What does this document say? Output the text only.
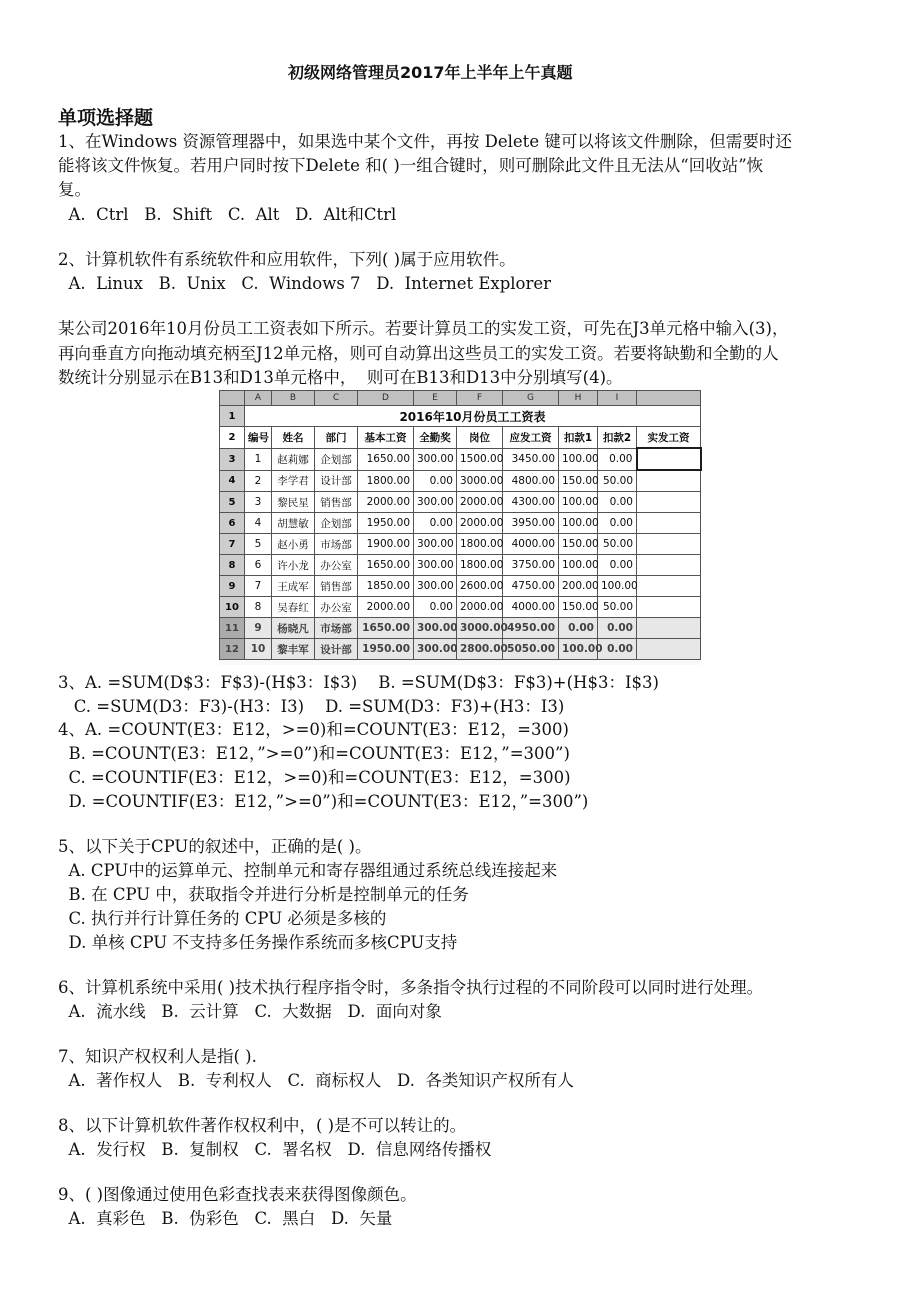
初级网络管理员2017年上半年上午真题
单项选择题
1、在Windows 资源管理器中，如果选中某个文件，再按 Delete 键可以将该文件删除，但需要时还
能将该文件恢复。若用户同时按下Delete 和( )一组合键时，则可删除此文件且无法从“回收站”恢
复。
A.  Ctrl   B.  Shift   C.  Alt   D.  Alt和Ctrl
2、计算机软件有系统软件和应用软件，下列( )属于应用软件。
A.  Linux   B.  Unix   C.  Windows 7   D.  Internet Explorer
某公司2016年10月份员工工资表如下所示。若要计算员工的实发工资，可先在J3单元格中输入(3)，
再向垂直方向拖动填充柄至J12单元格，则可自动算出这些员工的实发工资。若要将缺勤和全勤的人
数统计分别显示在B13和D13单元格中，  则可在B13和D13中分别填写(4)。
	A	B	C	D	E	F	G	H	I	
1	2016年10月份员工工资表									
2	编号	姓名	部门	基本工资	全勤奖	岗位	应发工资	扣款1	扣款2	实发工资
3	1	赵莉娜	企划部	1650.00	300.00	1500.00	3450.00	100.00	0.00	
4	2	李学君	设计部	1800.00	0.00	3000.00	4800.00	150.00	50.00	
5	3	黎民星	销售部	2000.00	300.00	2000.00	4300.00	100.00	0.00	
6	4	胡慧敏	企划部	1950.00	0.00	2000.00	3950.00	100.00	0.00	
7	5	赵小勇	市场部	1900.00	300.00	1800.00	4000.00	150.00	50.00	
8	6	许小龙	办公室	1650.00	300.00	1800.00	3750.00	100.00	0.00	
9	7	王成军	销售部	1850.00	300.00	2600.00	4750.00	200.00	100.00	
10	8	吴春红	办公室	2000.00	0.00	2000.00	4000.00	150.00	50.00	
11	9	杨晓凡	市场部	1650.00	300.00	3000.00	4950.00	0.00	0.00	
12	10	黎丰军	设计部	1950.00	300.00	2800.00	5050.00	100.00	0.00	
3、A. =SUM(D$3：F$3)-(H$3：I$3)    B. =SUM(D$3：F$3)+(H$3：I$3)
C. =SUM(D3：F3)-(H3：I3)    D. =SUM(D3：F3)+(H3：I3)
4、A. =COUNT(E3：E12，>=0)和=COUNT(E3：E12，=300)
B. =COUNT(E3：E12，”>=0”)和=COUNT(E3：E12，”=300”)
C. =COUNTIF(E3：E12，>=0)和=COUNT(E3：E12，=300)
D. =COUNTIF(E3：E12，”>=0”)和=COUNT(E3：E12，”=300”)
5、以下关于CPU的叙述中，正确的是( )。
A. CPU中的运算单元、控制单元和寄存器组通过系统总线连接起来
B. 在 CPU 中，获取指令并进行分析是控制单元的任务
C. 执行并行计算任务的 CPU 必须是多核的
D. 单核 CPU 不支持多任务操作系统而多核CPU支持
6、计算机系统中采用( )技术执行程序指令时，多条指令执行过程的不同阶段可以同时进行处理。
A.  流水线   B.  云计算   C.  大数据   D.  面向对象
7、知识产权权利人是指( ).
A.  著作权人   B.  专利权人   C.  商标权人   D.  各类知识产权所有人
8、以下计算机软件著作权权利中，( )是不可以转让的。
A.  发行权   B.  复制权   C.  署名权   D.  信息网络传播权
9、( )图像通过使用色彩查找表来获得图像颜色。
A.  真彩色   B.  伪彩色   C.  黑白   D.  矢量
